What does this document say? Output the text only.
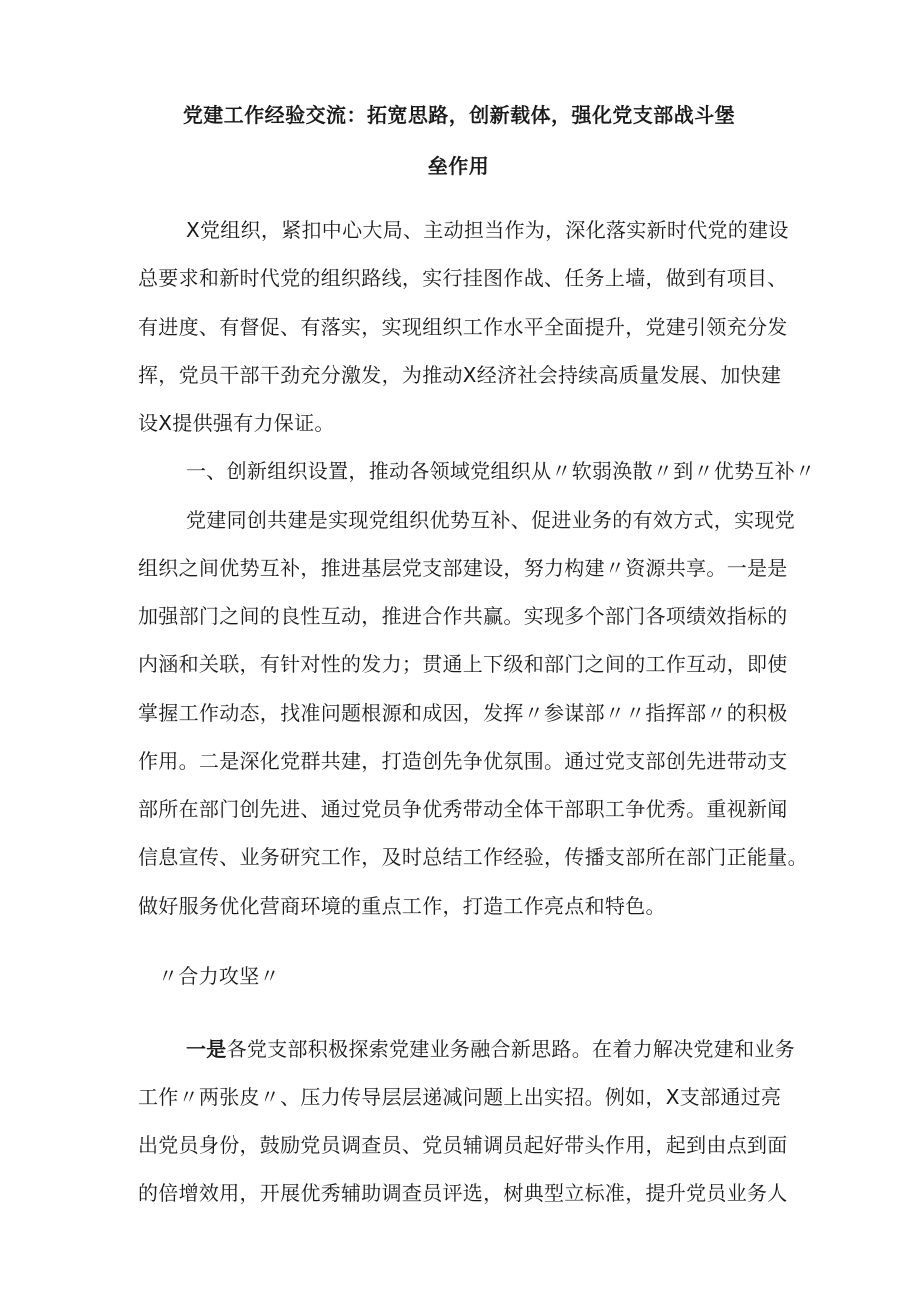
党建工作经验交流：拓宽思路，创新载体，强化党支部战斗堡
垒作用
X党组织，紧扣中心大局、主动担当作为，深化落实新时代党的建设
总要求和新时代党的组织路线，实行挂图作战、任务上墙，做到有项目、
有进度、有督促、有落实，实现组织工作水平全面提升，党建引领充分发
挥，党员干部干劲充分激发，为推动X经济社会持续高质量发展、加快建
设X提供强有力保证。
一、创新组织设置，推动各领域党组织从〃软弱涣散〃到〃优势互补〃
党建同创共建是实现党组织优势互补、促进业务的有效方式，实现党
组织之间优势互补，推进基层党支部建设，努力构建〃资源共享。一是是
加强部门之间的良性互动，推进合作共赢。实现多个部门各项绩效指标的
内涵和关联，有针对性的发力；贯通上下级和部门之间的工作互动，即使
掌握工作动态，找准问题根源和成因，发挥〃参谋部〃〃指挥部〃的积极
作用。二是深化党群共建，打造创先争优氛围。通过党支部创先进带动支
部所在部门创先进、通过党员争优秀带动全体干部职工争优秀。重视新闻
信息宣传、业务研究工作，及时总结工作经验，传播支部所在部门正能量。
做好服务优化营商环境的重点工作，打造工作亮点和特色。
〃合力攻坚〃
一是各党支部积极探索党建业务融合新思路。在着力解决党建和业务
工作〃两张皮〃、压力传导层层递减问题上出实招。例如，X支部通过亮
出党员身份，鼓励党员调查员、党员辅调员起好带头作用，起到由点到面
的倍增效用，开展优秀辅助调查员评选，树典型立标准，提升党员业务人
